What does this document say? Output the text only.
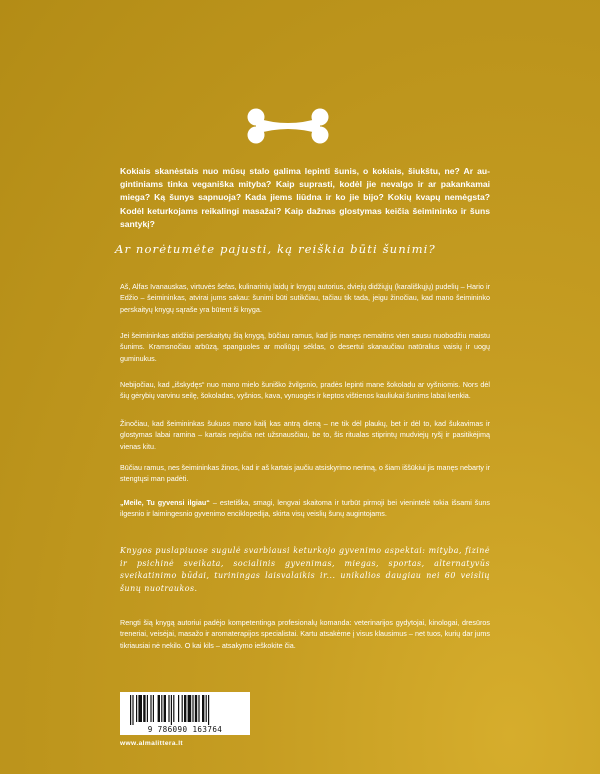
Kokiais skanėstais nuo mūsų stalo galima lepinti šunis, o kokiais, šiukštu, ne? Ar au- gintiniams tinka veganiška mityba? Kaip suprasti, kodėl jie nevalgo ir ar pakankamai miega? Ką šunys sapnuoja? Kada jiems liūdna ir ko jie bijo? Kokių kvapų nemėgsta? Kodėl keturkojams reikalingi masažai? Kaip dažnas glostymas keičia šeimininko ir šuns santykį?

Ar norėtumėte pajusti, ką reiškia būti šunimi?

Aš, Alfas Ivanauskas, virtuvės šefas, kulinarinių laidų ir knygų autorius, dviejų didžiųjų (karališkųjų) pudelių – Hario ir Edžio – šeimininkas, atvirai jums sakau: šunimi būti sutikčiau, tačiau tik tada, jeigu žinočiau, kad mano šeimininko perskaityų knygų sąraše yra būtent ši knyga.

Jei šeimininkas atidžiai perskaitytų šią knygą, būčiau ramus, kad jis manęs nemaitins vien sausu nuobodžiu maistu šunims. Kramsnočiau arbūzą, spanguoles ar moliūgų sėklas, o desertui skanaučiau natūralius vaisių ir uogų guminukus.

Nebijočiau, kad „išskydęs“ nuo mano mielo šuniško žvilgsnio, pradės lepinti mane šokoladu ar vyšniomis. Nors dėl šių gėrybių varvinu seilę, šokoladas, vyšnios, kava, vynuogės ir keptos vištienos kauliukai šunims labai kenkia.

Žinočiau, kad šeimininkas šukuos mano kailį kas antrą dieną – ne tik dėl plaukų, bet ir dėl to, kad šukavimas ir glostymas labai ramina – kartais nejučia net užsnausčiau, be to, šis ritualas stiprintų mudviejų ryšį ir pasitikėjimą vienas kitu.

Būčiau ramus, nes šeimininkas žinos, kad ir aš kartais jaučiu atsiskyrimo nerimą, o šiam iššūkiui jis manęs nebarty ir stengtųsi man padėti.

„Meile, Tu gyvensi ilgiau“ – estetiška, smagi, lengvai skaitoma ir turbūt pirmoji bei vienintelė tokia išsami šuns ilgesnio ir laimingesnio gyvenimo enciklopedija, skirta visų veislių šunų augintojams.

Knygos puslapiuose sugulė svarbiausi keturkojo gyvenimo aspektai: mityba, fizinė ir psichinė sveikata, socialinis gyvenimas, miegas, sportas, alternatyvūs sveikatinimo būdai, turiningas laisvalaikis ir... unikalios daugiau nei 60 veislių šunų nuotraukos.

Rengti šią knygą autoriui padėjo kompetentinga profesionalų komanda: veterinarijos gydytojai, kinologai, dresūros treneriai, veisėjai, masažo ir aromaterapijos specialistai. Kartu atsakėme į visus klausimus – net tuos, kurių dar jums tikriausiai nė nekilo. O kai kils – atsakymo ieškokite čia.

9 786090 163764
www.almalittera.lt
